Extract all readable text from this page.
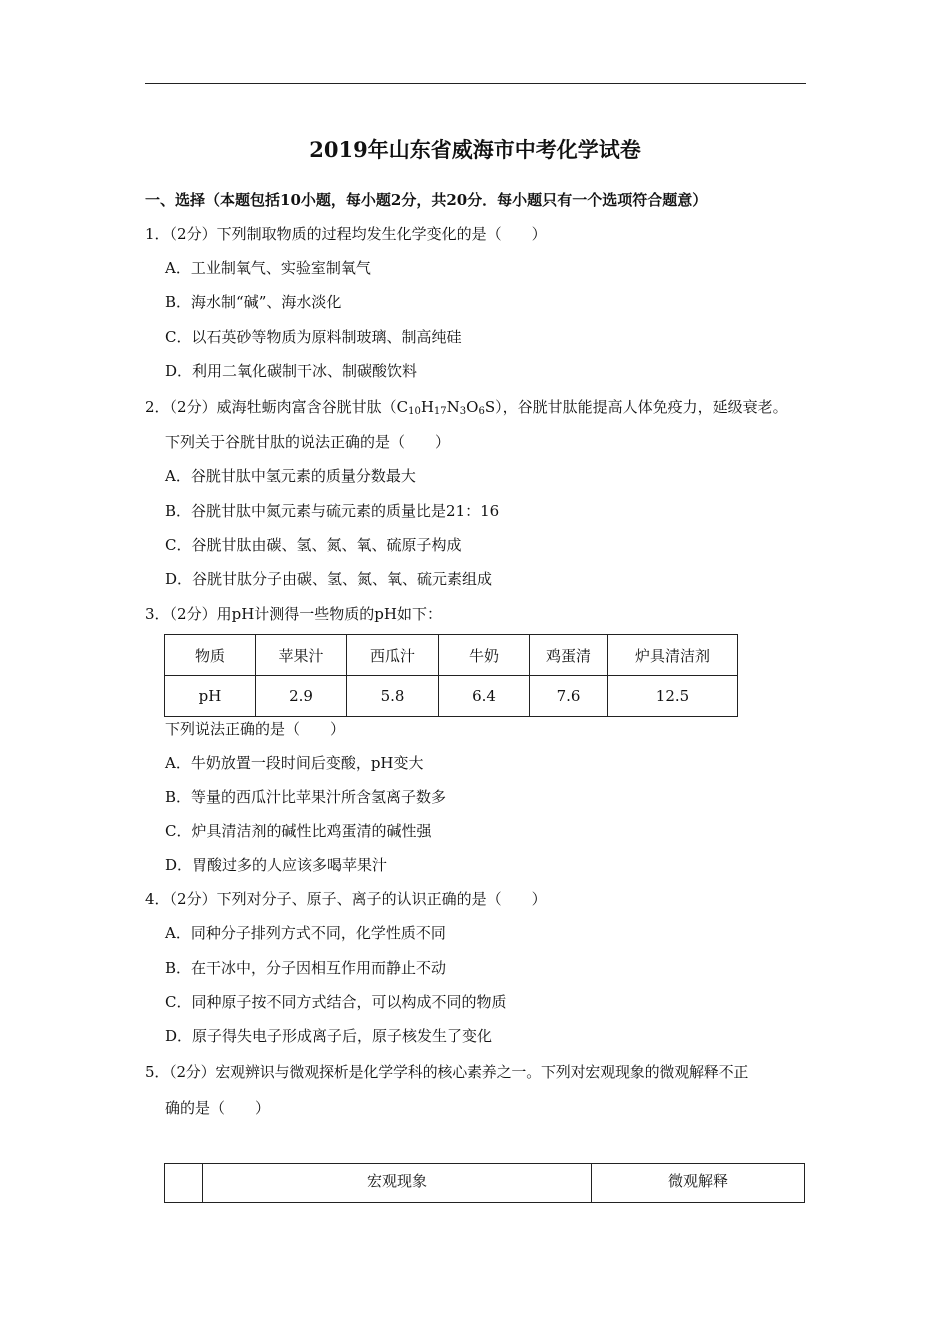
2019年山东省威海市中考化学试卷
一、选择（本题包括10小题，每小题2分，共20分．每小题只有一个选项符合题意）
1．（2分）下列制取物质的过程均发生化学变化的是（　　）
A．工业制氧气、实验室制氧气
B．海水制“碱”、海水淡化
C．以石英砂等物质为原料制玻璃、制高纯硅
D．利用二氧化碳制干冰、制碳酸饮料
2．（2分）威海牡蛎肉富含谷胱甘肽$(C_{10}H_{17}N_3O_6S)$，谷胱甘肽能提高人体免疫力，延级衰老。
下列关于谷胱甘肽的说法正确的是（　　）
A．谷胱甘肽中氢元素的质量分数最大
B．谷胱甘肽中氮元素与硫元素的质量比是21：16
C．谷胱甘肽由碳、氢、氮、氧、硫原子构成
D．谷胱甘肽分子由碳、氢、氮、氧、硫元素组成
3．（2分）用pH计测得一些物质的pH如下：
物质	苹果汁	西瓜汁	牛奶	鸡蛋清	炉具清洁剂
pH	2.9	5.8	6.4	7.6	12.5
下列说法正确的是（　　）
A．牛奶放置一段时间后变酸，pH变大
B．等量的西瓜汁比苹果汁所含氢离子数多
C．炉具清洁剂的碱性比鸡蛋清的碱性强
D．胃酸过多的人应该多喝苹果汁
4．（2分）下列对分子、原子、离子的认识正确的是（　　）
A．同种分子排列方式不同，化学性质不同
B．在干冰中，分子因相互作用而静止不动
C．同种原子按不同方式结合，可以构成不同的物质
D．原子得失电子形成离子后，原子核发生了变化
5．（2分）宏观辨识与微观探析是化学学科的核心素养之一。下列对宏观现象的微观解释不正
确的是（　　）
	宏观现象	微观解释
